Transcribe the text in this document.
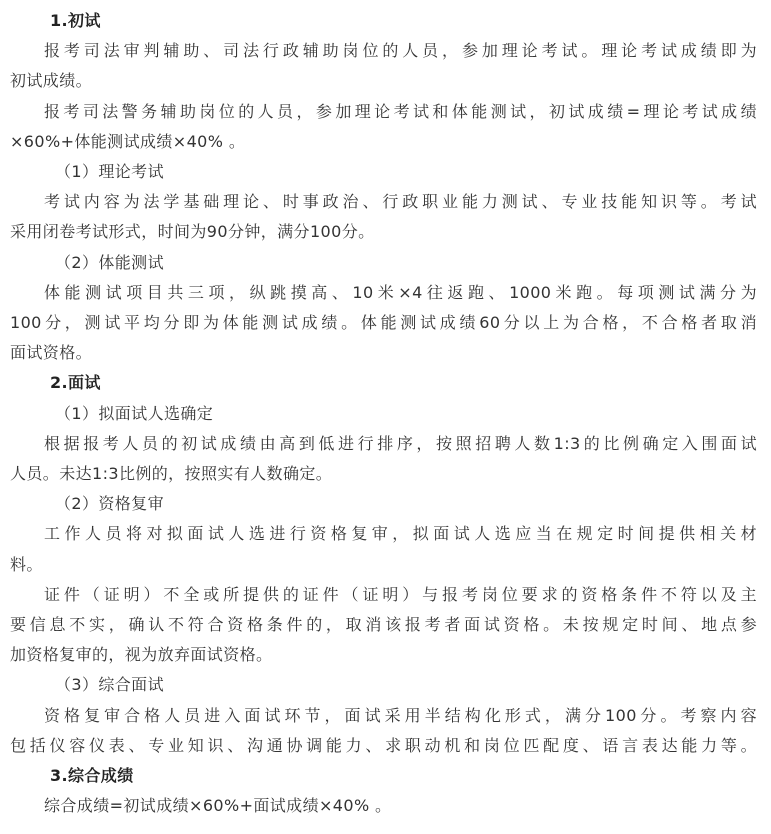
1.初试
报考司法审判辅助、司法行政辅助岗位的人员，参加理论考试。理论考试成绩即为
初试成绩。
报考司法警务辅助岗位的人员，参加理论考试和体能测试，初试成绩=理论考试成绩
×60%+体能测试成绩×40% 。
（1）理论考试
考试内容为法学基础理论、时事政治、行政职业能力测试、专业技能知识等。考试
采用闭卷考试形式，时间为90分钟，满分100分。
（2）体能测试
体能测试项目共三项，纵跳摸高、10米×4往返跑、1000米跑。每项测试满分为
100分，测试平均分即为体能测试成绩。体能测试成绩60分以上为合格，不合格者取消
面试资格。
2.面试
（1）拟面试人选确定
根据报考人员的初试成绩由高到低进行排序，按照招聘人数1:3的比例确定入围面试
人员。未达1:3比例的，按照实有人数确定。
（2）资格复审
工作人员将对拟面试人选进行资格复审，拟面试人选应当在规定时间提供相关材
料。
证件（证明）不全或所提供的证件（证明）与报考岗位要求的资格条件不符以及主
要信息不实，确认不符合资格条件的，取消该报考者面试资格。未按规定时间、地点参
加资格复审的，视为放弃面试资格。
（3）综合面试
资格复审合格人员进入面试环节，面试采用半结构化形式，满分100分。考察内容
包括仪容仪表、专业知识、沟通协调能力、求职动机和岗位匹配度、语言表达能力等。
3.综合成绩
综合成绩=初试成绩×60%+面试成绩×40% 。
